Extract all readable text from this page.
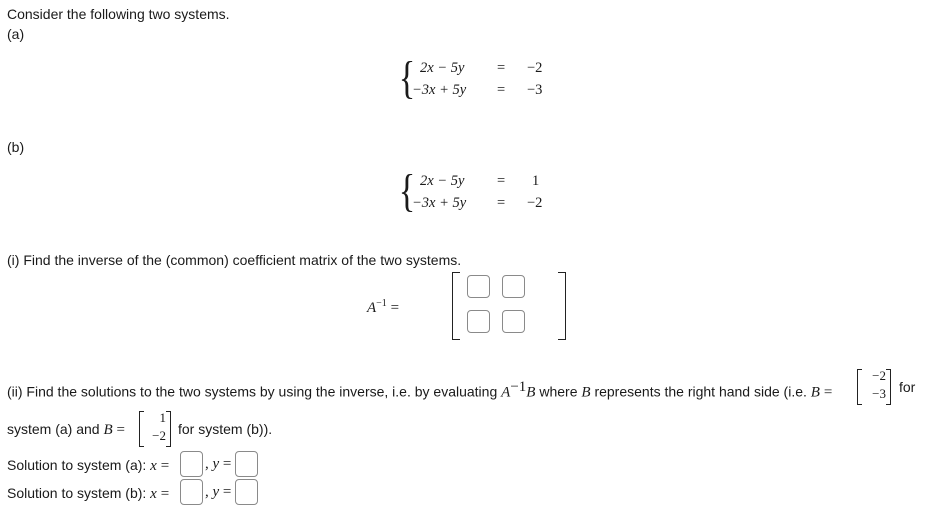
Consider the following two systems.
(a)
{ 2x − 5y = −2
−3x + 5y = −3
(b)
{ 2x − 5y = 1
−3x + 5y = −2
(i) Find the inverse of the (common) coefficient matrix of the two systems.
$A^{-1}$ =
(ii) Find the solutions to the two systems by using the inverse, i.e. by evaluating $A^{-1}B$ where B represents the right hand side (i.e. B =
−2
−3 for
system (a) and B =
1
−2 for system (b)).
Solution to system (a): x = , y =
Solution to system (b): x = , y =
